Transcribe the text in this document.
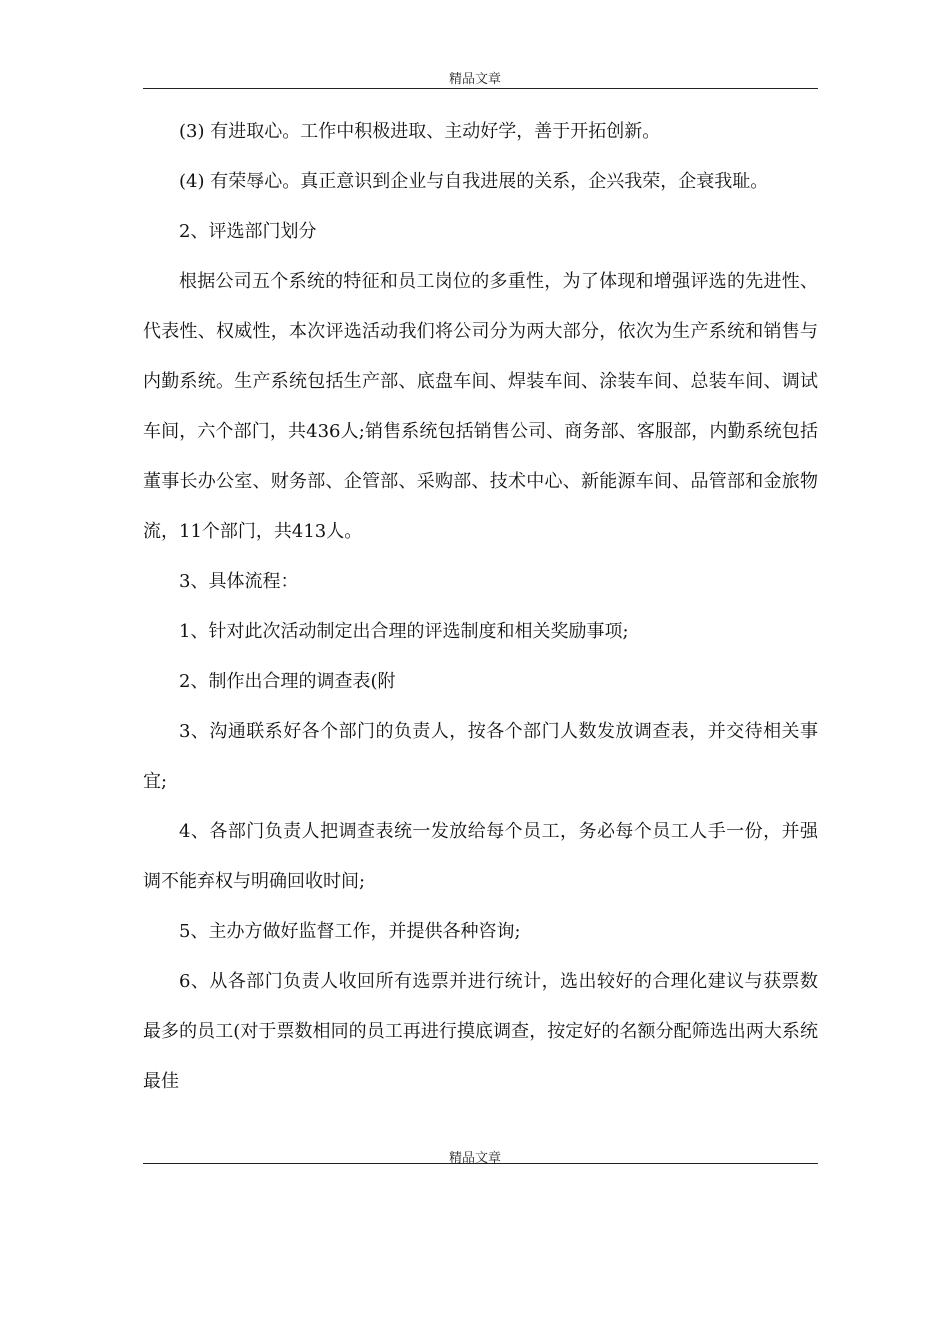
精品文章

(3) 有进取心。工作中积极进取、主动好学，善于开拓创新。

(4) 有荣辱心。真正意识到企业与自我进展的关系，企兴我荣，企衰我耻。

2、评选部门划分

根据公司五个系统的特征和员工岗位的多重性，为了体现和增强评选的先进性、代表性、权威性，本次评选活动我们将公司分为两大部分，依次为生产系统和销售与内勤系统。生产系统包括生产部、底盘车间、焊装车间、涂装车间、总装车间、调试车间，六个部门，共436人;销售系统包括销售公司、商务部、客服部，内勤系统包括董事长办公室、财务部、企管部、采购部、技术中心、新能源车间、品管部和金旅物流，11个部门，共413人。

3、具体流程：

1、针对此次活动制定出合理的评选制度和相关奖励事项;

2、制作出合理的调查表(附

3、沟通联系好各个部门的负责人，按各个部门人数发放调查表，并交待相关事宜;

4、各部门负责人把调查表统一发放给每个员工，务必每个员工人手一份，并强调不能弃权与明确回收时间;

5、主办方做好监督工作，并提供各种咨询;

6、从各部门负责人收回所有选票并进行统计，选出较好的合理化建议与获票数最多的员工(对于票数相同的员工再进行摸底调查，按定好的名额分配筛选出两大系统最佳

精品文章
